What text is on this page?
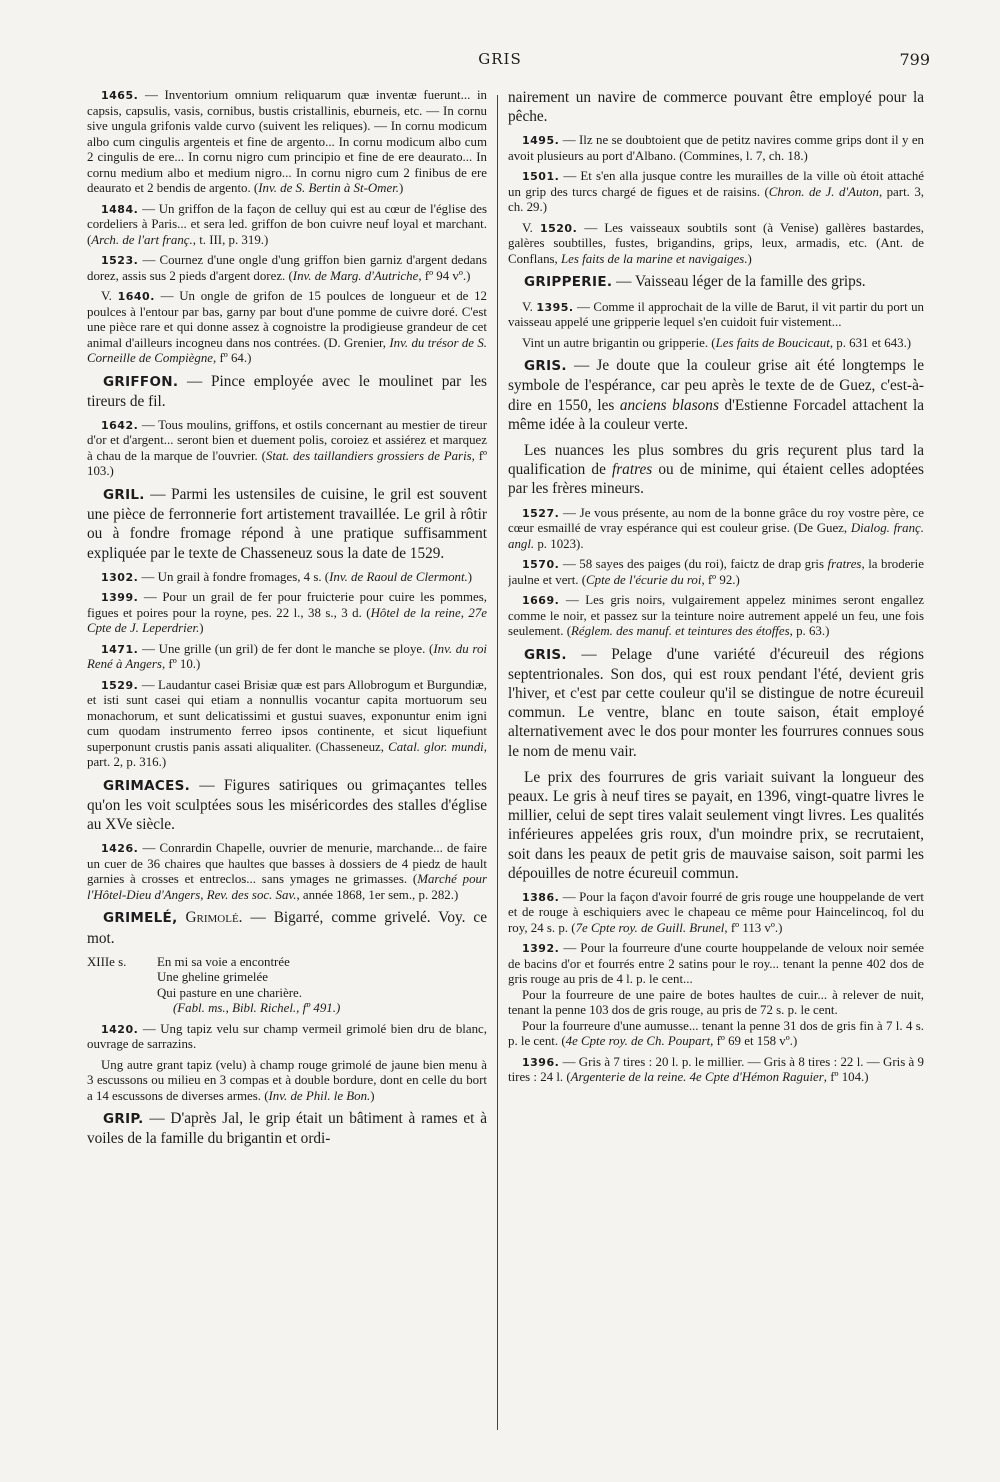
GRIS	799

1465. — Inventorium omnium reliquarum quæ inventæ fuerunt... in capsis, capsulis, vasis, cornibus, bustis cristallinis, eburneis, etc. — In cornu sive ungula grifonis valde curvo (suivent les reliques). — In cornu modicum albo cum cingulis argenteis et fine de argento... In cornu modicum albo cum 2 cingulis de ere... In cornu nigro cum principio et fine de ere deaurato... In cornu medium albo et medium nigro... In cornu nigro cum 2 finibus de ere deaurato et 2 bendis de argento. (Inv. de S. Bertin à St-Omer.)

1484. — Un griffon de la façon de celluy qui est au cœur de l'église des cordeliers à Paris... et sera led. griffon de bon cuivre neuf loyal et marchant. (Arch. de l'art franç., t. III, p. 319.)

1523. — Cournez d'une ongle d'ung griffon bien garniz d'argent dedans dorez, assis sus 2 pieds d'argent dorez. (Inv. de Marg. d'Autriche, fº 94 vº.)

V. 1640. — Un ongle de grifon de 15 poulces de longueur et de 12 poulces à l'entour par bas, garny par bout d'une pomme de cuivre doré. C'est une pièce rare et qui donne assez à cognoistre la prodigieuse grandeur de cet animal d'ailleurs incogneu dans nos contrées. (D. Grenier, Inv. du trésor de S. Corneille de Compiègne, fº 64.)

GRIFFON. — Pince employée avec le moulinet par les tireurs de fil.

1642. — Tous moulins, griffons, et ostils concernant au mestier de tireur d'or et d'argent... seront bien et duement polis, coroiez et assiérez et marquez à chau de la marque de l'ouvrier. (Stat. des taillandiers grossiers de Paris, fº 103.)

GRIL. — Parmi les ustensiles de cuisine, le gril est souvent une pièce de ferronnerie fort artistement travaillée. Le gril à rôtir ou à fondre fromage répond à une pratique suffisamment expliquée par le texte de Chasseneuz sous la date de 1529.

1302. — Un grail à fondre fromages, 4 s. (Inv. de Raoul de Clermont.)

1399. — Pour un grail de fer pour fruicterie pour cuire les pommes, figues et poires pour la royne, pes. 22 l., 38 s., 3 d. (Hôtel de la reine, 27e Cpte de J. Leperdrier.)

1471. — Une grille (un gril) de fer dont le manche se ploye. (Inv. du roi René à Angers, fº 10.)

1529. — Laudantur casei Brisiæ quæ est pars Allobrogum et Burgundiæ, et isti sunt casei qui etiam a nonnullis vocantur capita mortuorum seu monachorum, et sunt delicatissimi et gustui suaves, exponuntur enim igni cum quodam instrumento ferreo ipsos continente, et sicut liquefiunt superponunt crustis panis assati aliqualiter. (Chasseneuz, Catal. glor. mundi, part. 2, p. 316.)

GRIMACES. — Figures satiriques ou grimaçantes telles qu'on les voit sculptées sous les miséricordes des stalles d'église au XVe siècle.

1426. — Conrardin Chapelle, ouvrier de menurie, marchande... de faire un cuer de 36 chaires que haultes que basses à dossiers de 4 piedz de hault garnies à crosses et entreclos... sans ymages ne grimasses. (Marché pour l'Hôtel-Dieu d'Angers, Rev. des soc. Sav., année 1868, 1er sem., p. 282.)

GRIMELÉ, Grimolé. — Bigarré, comme grivelé. Voy. ce mot.

XIIIe s.	En mi sa voie a encontrée
Une gheline grimelée
Qui pasture en une charière.
(Fabl. ms., Bibl. Richel., fº 491.)

1420. — Ung tapiz velu sur champ vermeil grimolé bien dru de blanc, ouvrage de sarrazins.

Ung autre grant tapiz (velu) à champ rouge grimolé de jaune bien menu à 3 escussons ou milieu en 3 compas et à double bordure, dont en celle du bort a 14 escussons de diverses armes. (Inv. de Phil. le Bon.)

GRIP. — D'après Jal, le grip était un bâtiment à rames et à voiles de la famille du brigantin et ordi-

nairement un navire de commerce pouvant être employé pour la pêche.

1495. — Ilz ne se doubtoient que de petitz navires comme grips dont il y en avoit plusieurs au port d'Albano. (Commines, l. 7, ch. 18.)

1501. — Et s'en alla jusque contre les murailles de la ville où étoit attaché un grip des turcs chargé de figues et de raisins. (Chron. de J. d'Auton, part. 3, ch. 29.)

V. 1520. — Les vaisseaux soubtils sont (à Venise) gallères bastardes, galères soubtilles, fustes, brigandins, grips, leux, armadis, etc. (Ant. de Conflans, Les faits de la marine et navigaiges.)

GRIPPERIE. — Vaisseau léger de la famille des grips.

V. 1395. — Comme il approchait de la ville de Barut, il vit partir du port un vaisseau appelé une gripperie lequel s'en cuidoit fuir vistement...

Vint un autre brigantin ou gripperie. (Les faits de Boucicaut, p. 631 et 643.)

GRIS. — Je doute que la couleur grise ait été longtemps le symbole de l'espérance, car peu après le texte de de Guez, c'est-à-dire en 1550, les anciens blasons d'Estienne Forcadel attachent la même idée à la couleur verte.

Les nuances les plus sombres du gris reçurent plus tard la qualification de fratres ou de minime, qui étaient celles adoptées par les frères mineurs.

1527. — Je vous présente, au nom de la bonne grâce du roy vostre père, ce cœur esmaillé de vray espérance qui est couleur grise. (De Guez, Dialog. franç. angl. p. 1023).

1570. — 58 sayes des paiges (du roi), faictz de drap gris fratres, la broderie jaulne et vert. (Cpte de l'écurie du roi, fº 92.)

1669. — Les gris noirs, vulgairement appelez minimes seront engallez comme le noir, et passez sur la teinture noire autrement appelé un feu, une fois seulement. (Réglem. des manuf. et teintures des étoffes, p. 63.)

GRIS. — Pelage d'une variété d'écureuil des régions septentrionales. Son dos, qui est roux pendant l'été, devient gris l'hiver, et c'est par cette couleur qu'il se distingue de notre écureuil commun. Le ventre, blanc en toute saison, était employé alternativement avec le dos pour monter les fourrures connues sous le nom de menu vair.

Le prix des fourrures de gris variait suivant la longueur des peaux. Le gris à neuf tires se payait, en 1396, vingt-quatre livres le millier, celui de sept tires valait seulement vingt livres. Les qualités inférieures appelées gris roux, d'un moindre prix, se recrutaient, soit dans les peaux de petit gris de mauvaise saison, soit parmi les dépouilles de notre écureuil commun.

1386. — Pour la façon d'avoir fourré de gris rouge une houppelande de vert et de rouge à eschiquiers avec le chapeau ce même pour Haincelincoq, fol du roy, 24 s. p. (7e Cpte roy. de Guill. Brunel, fº 113 vº.)

1392. — Pour la fourreure d'une courte houppelande de veloux noir semée de bacins d'or et fourrés entre 2 satins pour le roy... tenant la penne 402 dos de gris rouge au pris de 4 l. p. le cent...

Pour la fourreure de une paire de botes haultes de cuir... à relever de nuit, tenant la penne 103 dos de gris rouge, au pris de 72 s. p. le cent.

Pour la fourreure d'une aumusse... tenant la penne 31 dos de gris fin à 7 l. 4 s. p. le cent. (4e Cpte roy. de Ch. Poupart, fº 69 et 158 vº.)

1396. — Gris à 7 tires : 20 l. p. le millier. — Gris à 8 tires : 22 l. — Gris à 9 tires : 24 l. (Argenterie de la reine. 4e Cpte d'Hémon Raguier, fº 104.)
